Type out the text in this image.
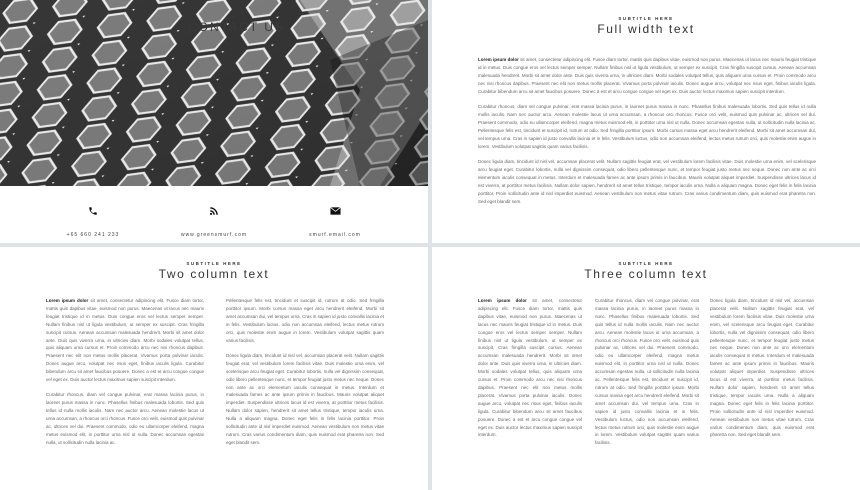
CONTACT US
+65 660 241 233	www.greensmurf.com	smurf.email.com
SUBTITLE HERE
Full width text

Lorem ipsum dolor sit amet, consectetur adipiscing elit. Fusce diam tortor, mattis quis dapibus vitae, euismod non purus. Maecenas ut lacus nec mauris feugiat tristique id in metus. Duis congue eros vel lectus semper semper. Nullam finibus nisl ut ligula vestibulum, ut semper ex suscipit. Cras fringilla suscipit cursus. Aenean accumsan malesuada hendrerit. Morbi sit amet dolor ante. Duis quis viverra urna, in ultricies diam. Morbi sodales volutpat tellus, quis aliquam urna cursus et. Proin commodo arcu nec nisi rhoncus dapibus. Praesent nec elit non metus mollis placerat. Vivamus porta pulvinar iaculis. Donec augue arcu, volutpat nec risus eget, finibus iaculis ligula. Curabitur bibendum arcu sit amet faucibus posuere. Donec a est et arcu congue congue vel eget ex. Duis auctor lectus maximus sapien suscipit interdum.

Curabitur rhoncus, diam vel congue pulvinar, erat massa lacinia purus, in laoreet purus massa in nunc. Phasellus finibus malesuada lobortis. Sed quis tellus id nulla mollis iaculis. Nam nec auctor arcu. Aenean molestie lacus ut urna accumsan, a rhoncus orci rhoncus. Fusce orci velit, euismod quis pulvinar ac, ultrices vel dui. Praesent commodo, odio eu ullamcorper eleifend, magna metus euismod elit, in porttitor urna nisl ut nulla. Donec accumsan egestas nulla, ut sollicitudin nulla lacinia ac. Pellentesque felis est, tincidunt et suscipit id, rutrum at odio. Sed fringilla porttitor ipsum. Morbi cursus massa eget arcu hendrerit eleifend. Morbi sit amet accumsan dui, vel tempus urna. Cras in sapien id justo convallis lacinia et in felis. Vestibulum luctus, odio non accumsan eleifend, lectus metus rutrum orci, quis molestie enim augue in lorem. Vestibulum volutpat sagittis quam varius facilisis.

Donec ligula diam, tincidunt id nisl vel, accumsan placerat velit. Nullam sagittis feugiat erat, vel vestibulum lorem facilisis vitae. Duis molestie urna enim, vel scelerisque arcu feugiat eget. Curabitur lobortis, nulla vel dignissim consequat, odio libero pellentesque nunc, et tempor feugiat justo metus nec neque. Donec non ante ac orci elementum iaculis consequat in metus. Interdum et malesuada fames ac ante ipsum primis in faucibus. Mauris volutpat aliquet imperdiet. Suspendisse ultrices lacus id est viverra, at porttitor metus facilisis. Nullam dolor sapien, hendrerit sit amet tellus tristique, tempor iaculis urna. Nulla a aliquam magna. Donec eget felis in felis lacinia porttitor. Proin sollicitudin ante id nisl imperdiet euismod. Aenean vestibulum non metus vitae rutrum. Cras varius condimentum diam, quis euismod erat pharetra non. Sed eget blandit sem.

SUBTITLE HERE
Two column text

Lorem ipsum dolor sit amet, consectetur adipiscing elit. Fusce diam tortor, mattis quis dapibus vitae, euismod non purus. Maecenas ut lacus nec mauris feugiat tristique id in metus. Duis congue eros vel lectus semper semper. Nullam finibus nisl ut ligula vestibulum, ut semper ex suscipit. Cras fringilla suscipit cursus. Aenean accumsan malesuada hendrerit. Morbi sit amet dolor ante. Duis quis viverra urna, in ultricies diam. Morbi sodales volutpat tellus, quis aliquam urna cursus et. Proin commodo arcu nec nisi rhoncus dapibus. Praesent nec elit non metus mollis placerat. Vivamus porta pulvinar iaculis. Donec augue arcu, volutpat nec risus eget, finibus iaculis ligula. Curabitur bibendum arcu sit amet faucibus posuere. Donec a est et arcu congue congue vel eget ex. Duis auctor lectus maximus sapien suscipit interdum.

Curabitur rhoncus, diam vel congue pulvinar, erat massa lacinia purus, in laoreet purus massa in nunc. Phasellus finibus malesuada lobortis. Sed quis tellus id nulla mollis iaculis. Nam nec auctor arcu. Aenean molestie lacus ut urna accumsan, a rhoncus orci rhoncus. Fusce orci velit, euismod quis pulvinar ac, ultrices vel dui. Praesent commodo, odio eu ullamcorper eleifend, magna metus euismod elit, in porttitor urna nisl ut nulla. Donec accumsan egestas nulla, ut sollicitudin nulla lacinia ac.

Pellentesque felis est, tincidunt et suscipit id, rutrum at odio. Sed fringilla porttitor ipsum. Morbi cursus massa eget arcu hendrerit eleifend. Morbi sit amet accumsan dui, vel tempus urna. Cras in sapien id justo convallis lacinia et in felis. Vestibulum luctus, odio non accumsan eleifend, lectus metus rutrum orci, quis molestie enim augue in lorem. Vestibulum volutpat sagittis quam varius facilisis.

Donec ligula diam, tincidunt id nisl vel, accumsan placerat velit. Nullam sagittis feugiat erat, vel vestibulum lorem facilisis vitae. Duis molestie urna enim, vel scelerisque arcu feugiat eget. Curabitur lobortis, nulla vel dignissim consequat, odio libero pellentesque nunc, et tempor feugiat justo metus nec neque. Donec non ante ac orci elementum iaculis consequat in metus. Interdum et malesuada fames ac ante ipsum primis in faucibus. Mauris volutpat aliquet imperdiet. Suspendisse ultrices lacus id est viverra, at porttitor metus facilisis. Nullam dolor sapien, hendrerit sit amet tellus tristique, tempor iaculis urna. Nulla a aliquam magna. Donec eget felis in felis lacinia porttitor. Proin sollicitudin ante id nisl imperdiet euismod. Aenean vestibulum non metus vitae rutrum. Cras varius condimentum diam, quis euismod erat pharetra non. Sed eget blandit sem.

SUBTITLE HERE
Three column text

Lorem ipsum dolor sit amet, consectetur adipiscing elit. Fusce diam tortor, mattis quis dapibus vitae, euismod non purus. Maecenas ut lacus nec mauris feugiat tristique id in metus. Duis congue eros vel lectus semper semper. Nullam finibus nisl ut ligula vestibulum, ut semper ex suscipit. Cras fringilla suscipit cursus. Aenean accumsan malesuada hendrerit. Morbi sit amet dolor ante. Duis quis viverra urna, in ultricies diam. Morbi sodales volutpat tellus, quis aliquam urna cursus et. Proin commodo arcu nec nisi rhoncus dapibus. Praesent nec elit non metus mollis placerat. Vivamus porta pulvinar iaculis. Donec augue arcu, volutpat nec risus eget, finibus iaculis ligula. Curabitur bibendum arcu sit amet faucibus posuere. Donec a est et arcu congue congue vel eget ex. Duis auctor lectus maximus sapien suscipit interdum.

Curabitur rhoncus, diam vel congue pulvinar, erat massa lacinia purus, in laoreet purus massa in nunc. Phasellus finibus malesuada lobortis. Sed quis tellus id nulla mollis iaculis. Nam nec auctor arcu. Aenean molestie lacus ut urna accumsan, a rhoncus orci rhoncus. Fusce orci velit, euismod quis pulvinar ac, ultrices vel dui. Praesent commodo, odio eu ullamcorper eleifend, magna metus euismod elit, in porttitor urna nisl ut nulla. Donec accumsan egestas nulla, ut sollicitudin nulla lacinia ac. Pellentesque felis est, tincidunt et suscipit id, rutrum at odio. Sed fringilla porttitor ipsum. Morbi cursus massa eget arcu hendrerit eleifend. Morbi sit amet accumsan dui, vel tempus urna. Cras in sapien id justo convallis lacinia et in felis. Vestibulum luctus, odio non accumsan eleifend, lectus metus rutrum orci, quis molestie enim augue in lorem. Vestibulum volutpat sagittis quam varius facilisis.

Donec ligula diam, tincidunt id nisl vel, accumsan placerat velit. Nullam sagittis feugiat erat, vel vestibulum lorem facilisis vitae. Duis molestie urna enim, vel scelerisque arcu feugiat eget. Curabitur lobortis, nulla vel dignissim consequat, odio libero pellentesque nunc, et tempor feugiat justo metus nec neque. Donec non ante ac orci elementum iaculis consequat in metus. Interdum et malesuada fames ac ante ipsum primis in faucibus. Mauris volutpat aliquet imperdiet. Suspendisse ultrices lacus id est viverra, at porttitor metus facilisis. Nullam dolor sapien, hendrerit sit amet tellus tristique, tempor iaculis urna. Nulla a aliquam magna. Donec eget felis in felis lacinia porttitor. Proin sollicitudin ante id nisl imperdiet euismod. Aenean vestibulum non metus vitae rutrum. Cras varius condimentum diam, quis euismod erat pharetra non. Sed eget blandit sem.
